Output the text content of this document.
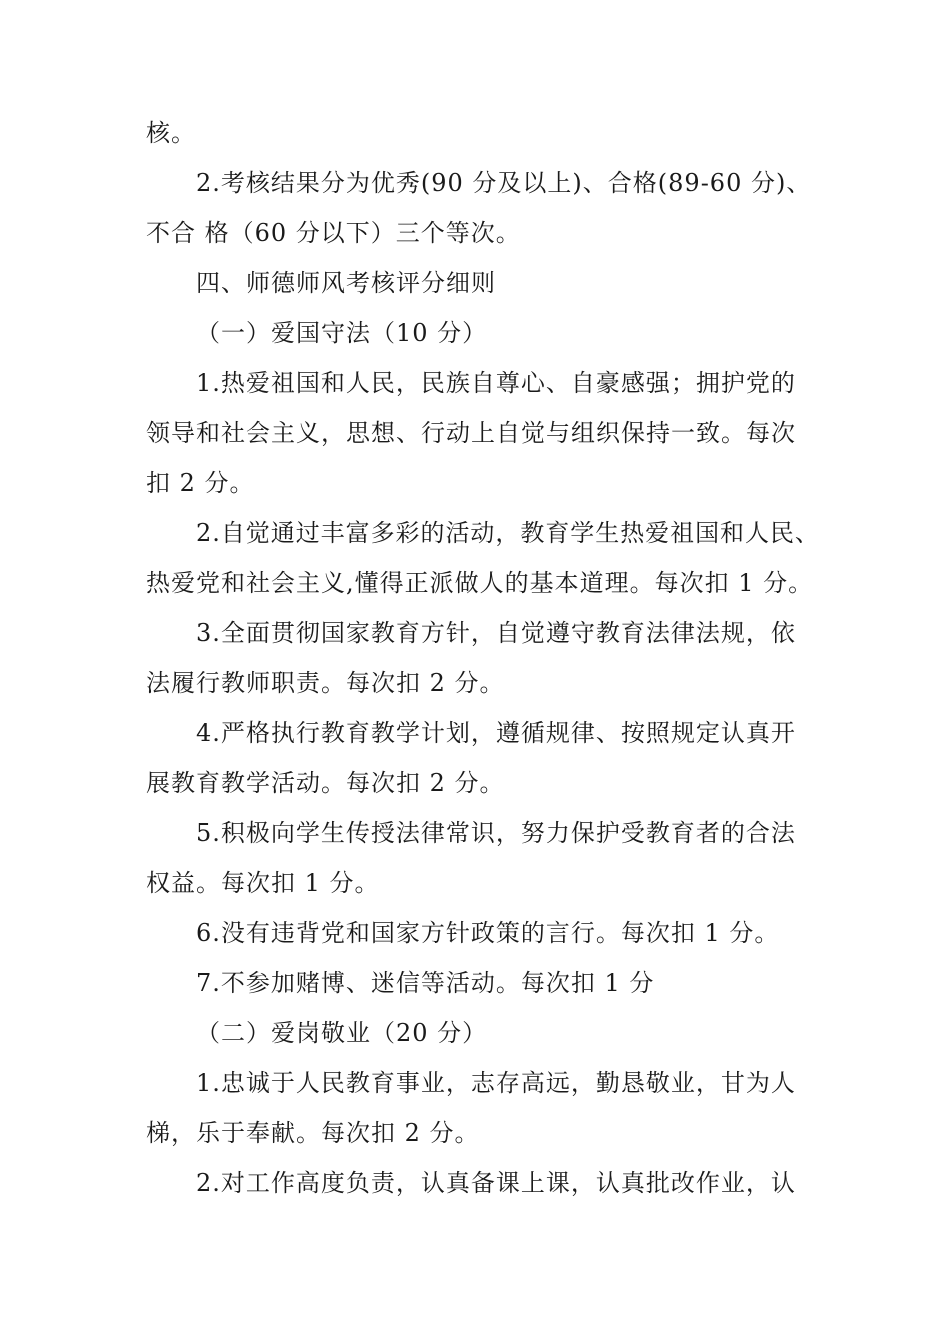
核。
2.考核结果分为优秀(90 分及以上)、合格(89-60 分)、
不合 格（60 分以下）三个等次。
四、师德师风考核评分细则
（一）爱国守法（10 分）
1.热爱祖国和人民，民族自尊心、自豪感强；拥护党的
领导和社会主义，思想、行动上自觉与组织保持一致。每次
扣 2 分。
2.自觉通过丰富多彩的活动，教育学生热爱祖国和人民、
热爱党和社会主义,懂得正派做人的基本道理。每次扣 1 分。
3.全面贯彻国家教育方针，自觉遵守教育法律法规，依
法履行教师职责。每次扣 2 分。
4.严格执行教育教学计划，遵循规律、按照规定认真开
展教育教学活动。每次扣 2 分。
5.积极向学生传授法律常识，努力保护受教育者的合法
权益。每次扣 1 分。
6.没有违背党和国家方针政策的言行。每次扣 1 分。
7.不参加赌博、迷信等活动。每次扣 1 分
（二）爱岗敬业（20 分）
1.忠诚于人民教育事业，志存高远，勤恳敬业，甘为人
梯，乐于奉献。每次扣 2 分。
2.对工作高度负责，认真备课上课，认真批改作业，认
